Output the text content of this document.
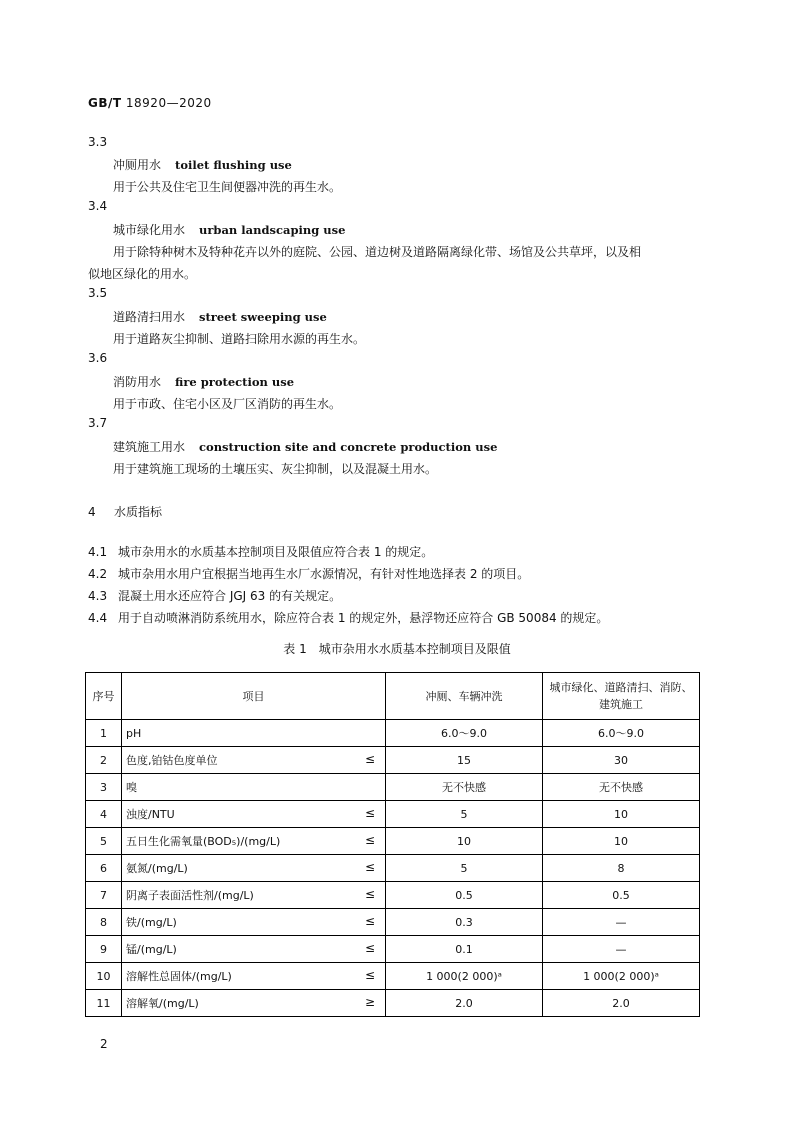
GB/T 18920—2020
3.3
冲厕用水 toilet flushing use
用于公共及住宅卫生间便器冲洗的再生水。
3.4
城市绿化用水 urban landscaping use
用于除特种树木及特种花卉以外的庭院、公园、道边树及道路隔离绿化带、场馆及公共草坪，以及相
似地区绿化的用水。
3.5
道路清扫用水 street sweeping use
用于道路灰尘抑制、道路扫除用水源的再生水。
3.6
消防用水 fire protection use
用于市政、住宅小区及厂区消防的再生水。
3.7
建筑施工用水 construction site and concrete production use
用于建筑施工现场的土壤压实、灰尘抑制，以及混凝土用水。
4 水质指标
4.1 城市杂用水的水质基本控制项目及限值应符合表 1 的规定。
4.2 城市杂用水用户宜根据当地再生水厂水源情况，有针对性地选择表 2 的项目。
4.3 混凝土用水还应符合 JGJ 63 的有关规定。
4.4 用于自动喷淋消防系统用水，除应符合表 1 的规定外，悬浮物还应符合 GB 50084 的规定。
表 1　城市杂用水水质基本控制项目及限值
序号	项目	冲厕、车辆冲洗	城市绿化、道路清扫、消防、
建筑施工
1	pH	6.0～9.0	6.0～9.0
2	色度,铂钴色度单位 ≤	15	30
3	嗅	无不快感	无不快感
4	浊度/NTU ≤	5	10
5	五日生化需氧量(BOD₅)/(mg/L) ≤	10	10
6	氨氮/(mg/L) ≤	5	8
7	阴离子表面活性剂/(mg/L) ≤	0.5	0.5
8	铁/(mg/L) ≤	0.3	—
9	锰/(mg/L) ≤	0.1	—
10	溶解性总固体/(mg/L) ≤	1 000(2 000)ᵃ	1 000(2 000)ᵃ
11	溶解氧/(mg/L) ≥	2.0	2.0
2
